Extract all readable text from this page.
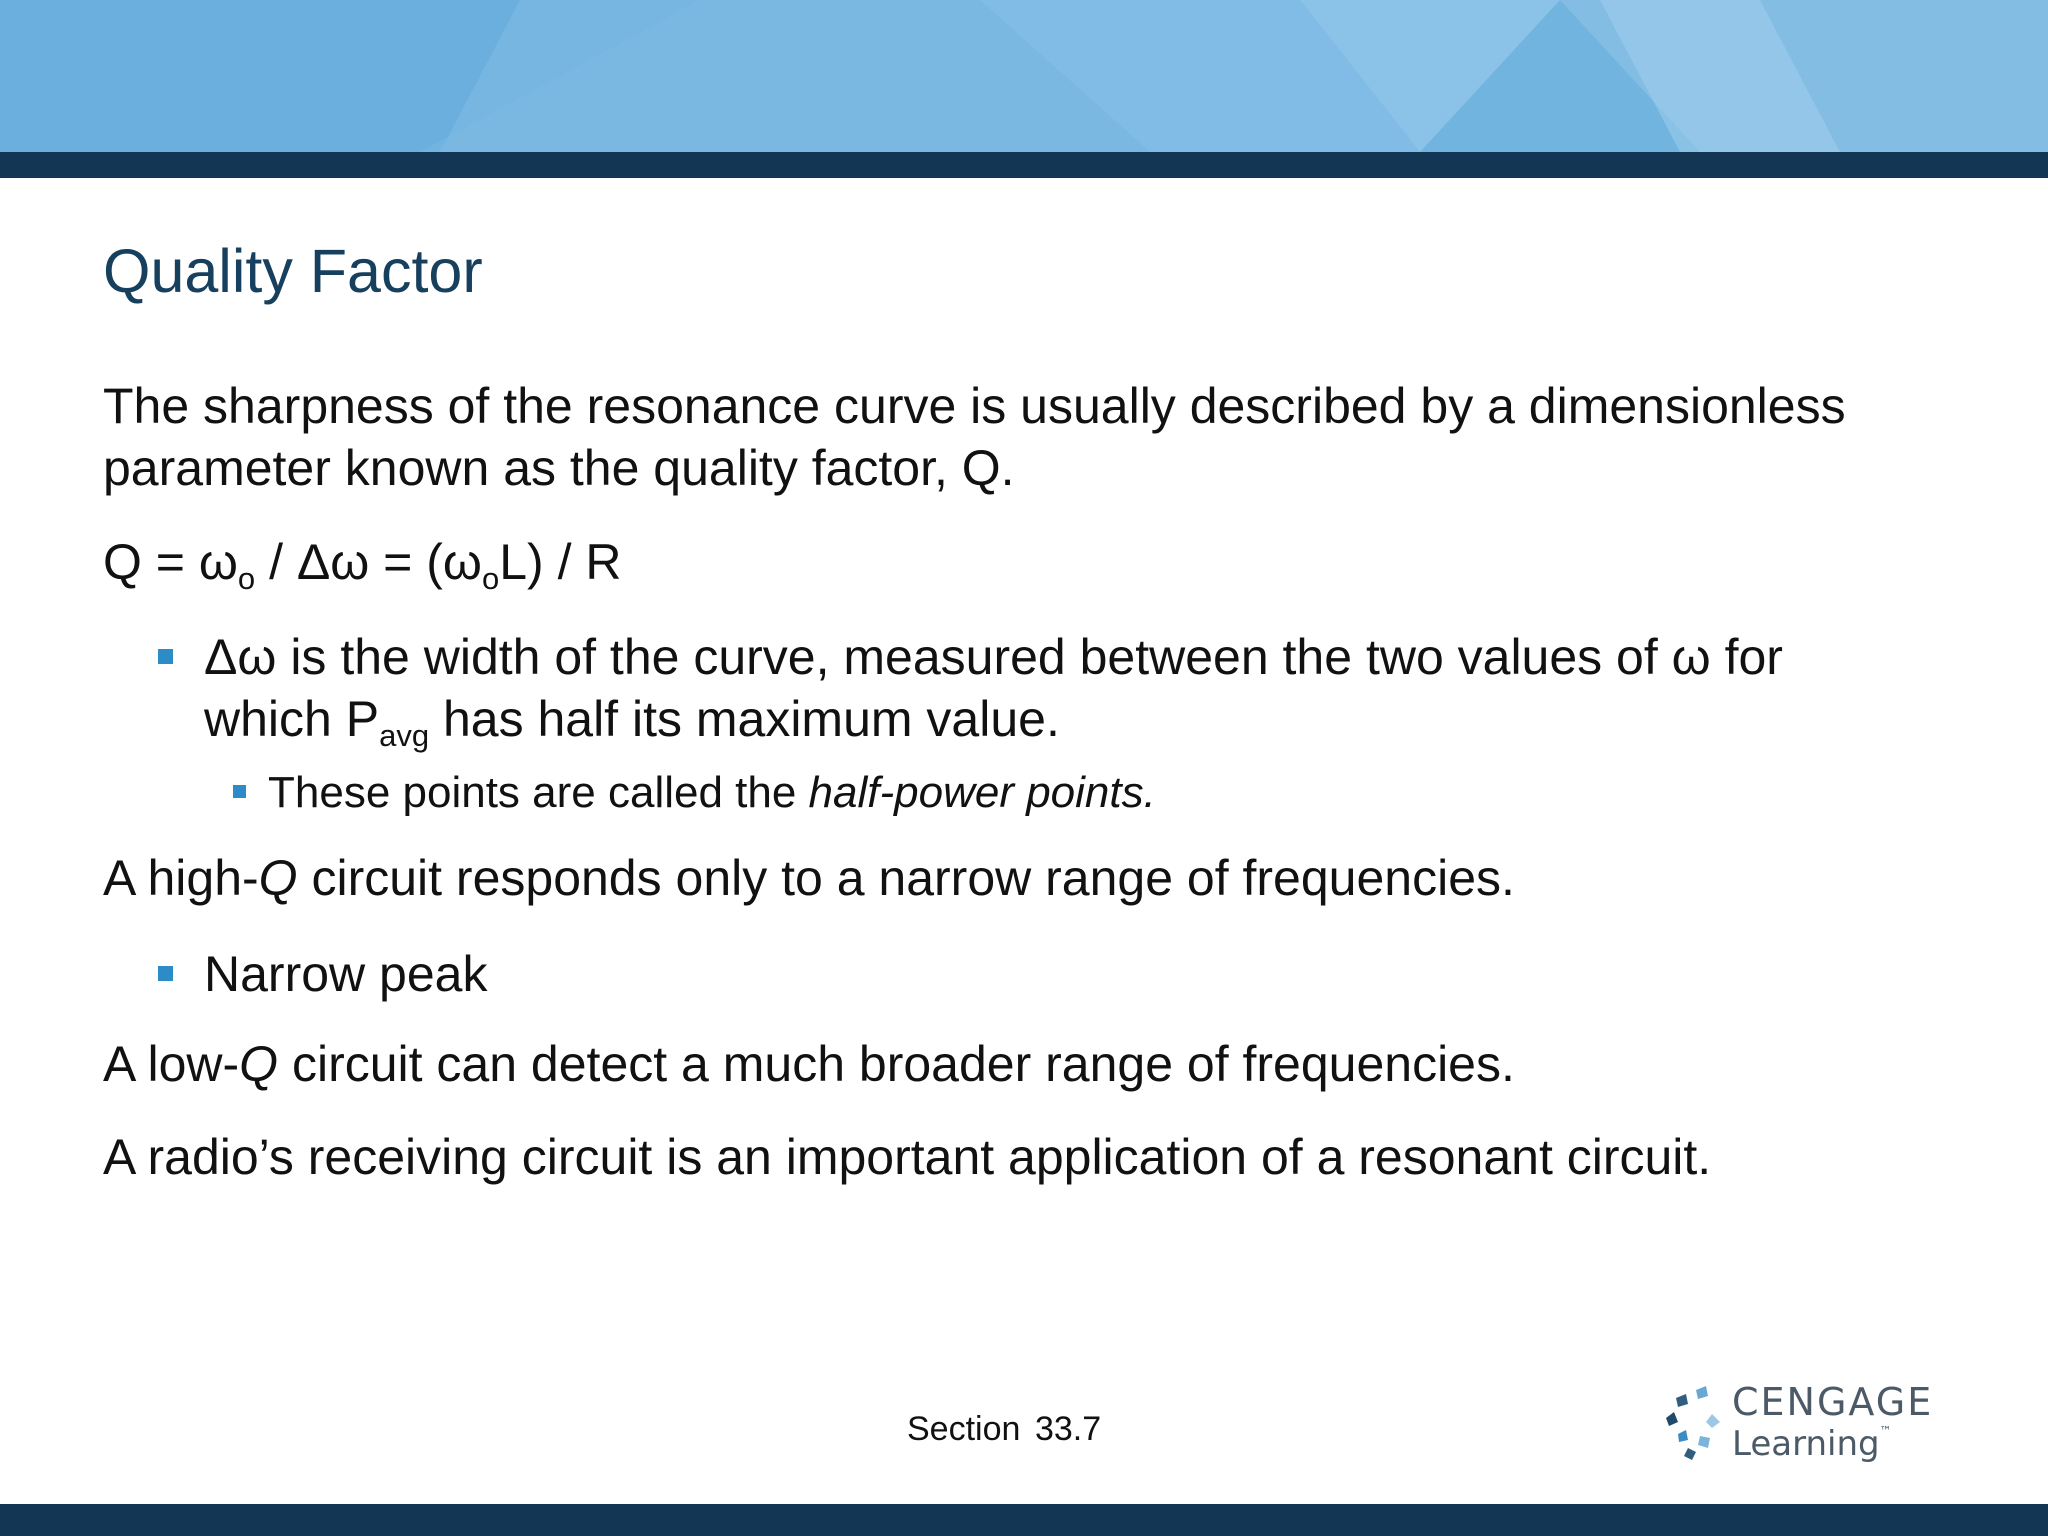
Quality Factor

The sharpness of the resonance curve is usually described by a dimensionless

parameter known as the quality factor, Q.

$Q = \omega_o / \Delta\omega = (\omega_oL) / R$

Δω is the width of the curve, measured between the two values of ω for

which $P_{avg}$ has half its maximum value.

These points are called the half-power points.

A high-Q circuit responds only to a narrow range of frequencies.

Narrow peak

A low-Q circuit can detect a much broader range of frequencies.

A radio’s receiving circuit is an important application of a resonant circuit.

Section 33.7
CENGAGE
Learning™
